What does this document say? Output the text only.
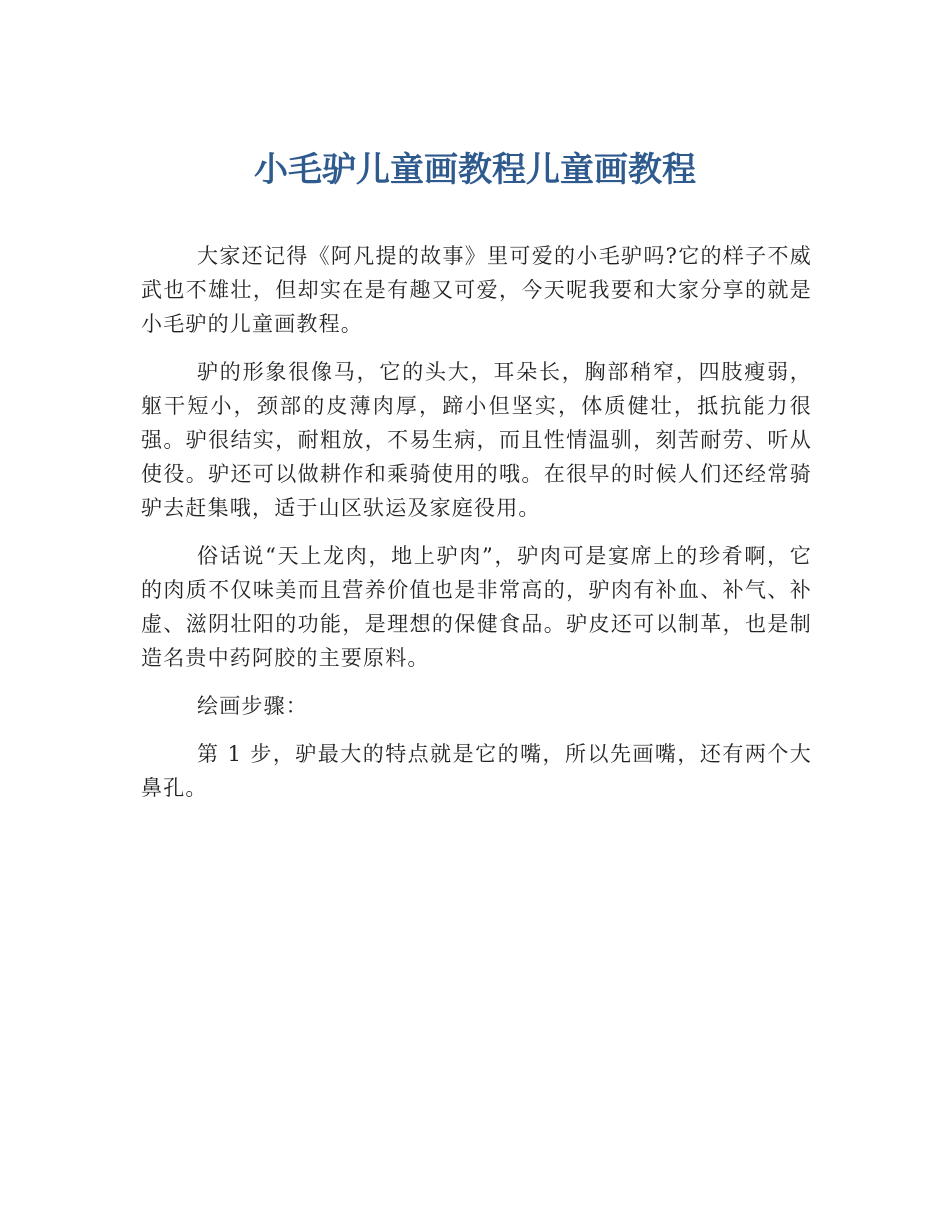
小毛驴儿童画教程儿童画教程

大家还记得《阿凡提的故事》里可爱的小毛驴吗?它的样子不威武也不雄壮，但却实在是有趣又可爱，今天呢我要和大家分享的就是小毛驴的儿童画教程。

驴的形象很像马，它的头大，耳朵长，胸部稍窄，四肢瘦弱，躯干短小，颈部的皮薄肉厚，蹄小但坚实，体质健壮，抵抗能力很强。驴很结实，耐粗放，不易生病，而且性情温驯，刻苦耐劳、听从使役。驴还可以做耕作和乘骑使用的哦。在很早的时候人们还经常骑驴去赶集哦，适于山区驮运及家庭役用。

俗话说“天上龙肉，地上驴肉”，驴肉可是宴席上的珍肴啊，它的肉质不仅味美而且营养价值也是非常高的，驴肉有补血、补气、补虚、滋阴壮阳的功能，是理想的保健食品。驴皮还可以制革，也是制造名贵中药阿胶的主要原料。

绘画步骤：

第 1 步，驴最大的特点就是它的嘴，所以先画嘴，还有两个大鼻孔。
